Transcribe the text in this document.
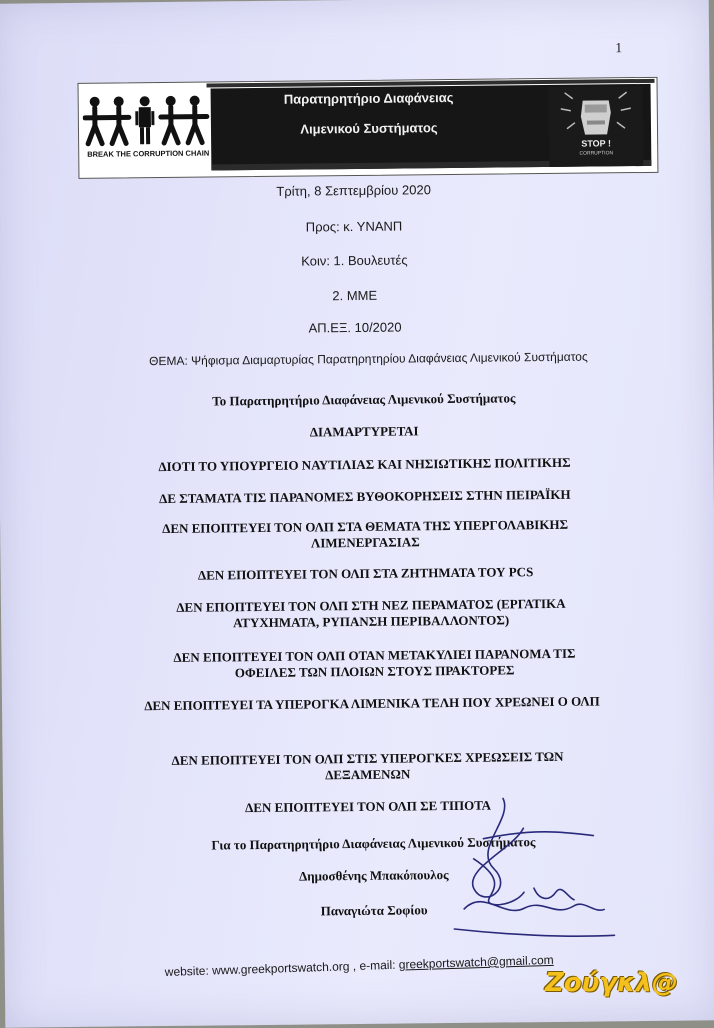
1
BREAK THE CORRUPTION CHAIN
Παρατηρητήριο Διαφάνειας
Λιμενικού Συστήματος
STOP !
CORRUPTION
Τρίτη, 8 Σεπτεμβρίου 2020
Προς: κ. ΥΝΑΝΠ
Κοιν: 1. Βουλευτές
2. ΜΜΕ
ΑΠ.ΕΞ. 10/2020
ΘΕΜΑ: Ψήφισμα Διαμαρτυρίας Παρατηρητηρίου Διαφάνειας Λιμενικού Συστήματος
Το Παρατηρητήριο Διαφάνειας Λιμενικού Συστήματος
ΔΙΑΜΑΡΤΥΡΕΤΑΙ
ΔΙΟΤΙ ΤΟ ΥΠΟΥΡΓΕΙΟ ΝΑΥΤΙΛΙΑΣ ΚΑΙ ΝΗΣΙΩΤΙΚΗΣ ΠΟΛΙΤΙΚΗΣ
ΔΕ ΣΤΑΜΑΤΑ ΤΙΣ ΠΑΡΑΝΟΜΕΣ ΒΥΘΟΚΟΡΗΣΕΙΣ ΣΤΗΝ ΠΕΙΡΑΪΚΗ
ΔΕΝ ΕΠΟΠΤΕΥΕΙ ΤΟΝ ΟΛΠ ΣΤΑ ΘΕΜΑΤΑ ΤΗΣ ΥΠΕΡΓΟΛΑΒΙΚΗΣ ΛΙΜΕΝΕΡΓΑΣΙΑΣ
ΔΕΝ ΕΠΟΠΤΕΥΕΙ ΤΟΝ ΟΛΠ ΣΤΑ ΖΗΤΗΜΑΤΑ ΤΟΥ PCS
ΔΕΝ ΕΠΟΠΤΕΥΕΙ ΤΟΝ ΟΛΠ ΣΤΗ ΝΕΖ ΠΕΡΑΜΑΤΟΣ (ΕΡΓΑΤΙΚΑ ΑΤΥΧΗΜΑΤΑ, ΡΥΠΑΝΣΗ ΠΕΡΙΒΑΛΛΟΝΤΟΣ)
ΔΕΝ ΕΠΟΠΤΕΥΕΙ ΤΟΝ ΟΛΠ ΟΤΑΝ ΜΕΤΑΚΥΛΙΕΙ ΠΑΡΑΝΟΜΑ ΤΙΣ ΟΦΕΙΛΕΣ ΤΩΝ ΠΛΟΙΩΝ ΣΤΟΥΣ ΠΡΑΚΤΟΡΕΣ
ΔΕΝ ΕΠΟΠΤΕΥΕΙ ΤΑ ΥΠΕΡΟΓΚΑ ΛΙΜΕΝΙΚΑ ΤΕΛΗ ΠΟΥ ΧΡΕΩΝΕΙ Ο ΟΛΠ
ΔΕΝ ΕΠΟΠΤΕΥΕΙ ΤΟΝ ΟΛΠ ΣΤΙΣ ΥΠΕΡΟΓΚΕΣ ΧΡΕΩΣΕΙΣ ΤΩΝ ΔΕΞΑΜΕΝΩΝ
ΔΕΝ ΕΠΟΠΤΕΥΕΙ ΤΟΝ ΟΛΠ ΣΕ ΤΙΠΟΤΑ
Για το Παρατηρητήριο Διαφάνειας Λιμενικού Συστήματος
Δημοσθένης Μπακόπουλος
Παναγιώτα Σοφίου
website: www.greekportswatch.org , e-mail: greekportswatch@gmail.com
Ζούγκλ@
